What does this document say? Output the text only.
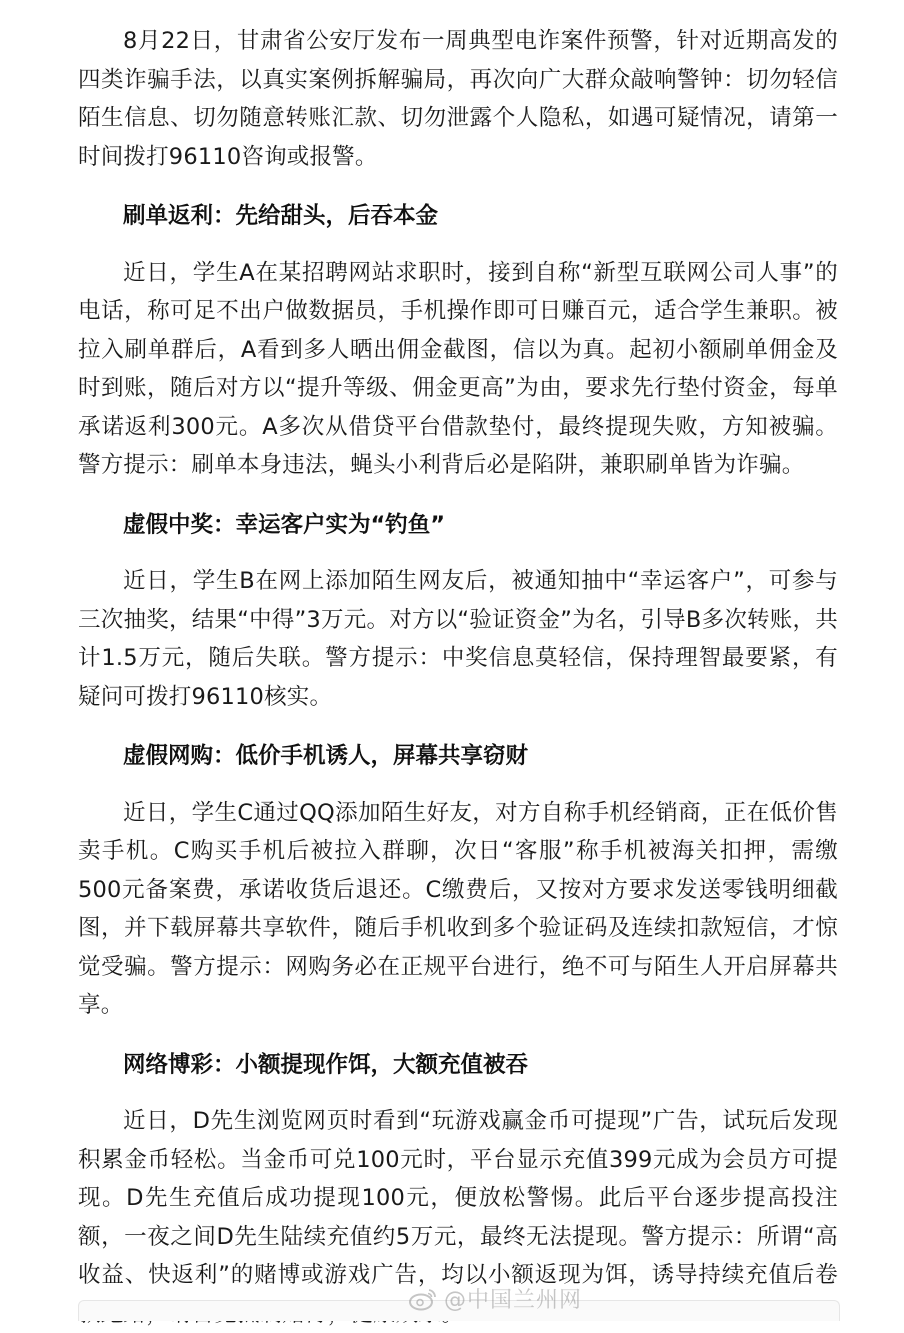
8月22日，甘肃省公安厅发布一周典型电诈案件预警，针对近期高发的四类诈骗手法，以真实案例拆解骗局，再次向广大群众敲响警钟：切勿轻信陌生信息、切勿随意转账汇款、切勿泄露个人隐私，如遇可疑情况，请第一时间拨打96110咨询或报警。

刷单返利：先给甜头，后吞本金

近日，学生A在某招聘网站求职时，接到自称“新型互联网公司人事”的电话，称可足不出户做数据员，手机操作即可日赚百元，适合学生兼职。被拉入刷单群后，A看到多人晒出佣金截图，信以为真。起初小额刷单佣金及时到账，随后对方以“提升等级、佣金更高”为由，要求先行垫付资金，每单承诺返利300元。A多次从借贷平台借款垫付，最终提现失败，方知被骗。警方提示：刷单本身违法，蝇头小利背后必是陷阱，兼职刷单皆为诈骗。

虚假中奖：幸运客户实为“钓鱼”

近日，学生B在网上添加陌生网友后，被通知抽中“幸运客户”，可参与三次抽奖，结果“中得”3万元。对方以“验证资金”为名，引导B多次转账，共计1.5万元，随后失联。警方提示：中奖信息莫轻信，保持理智最要紧，有疑问可拨打96110核实。

虚假网购：低价手机诱人，屏幕共享窃财

近日，学生C通过QQ添加陌生好友，对方自称手机经销商，正在低价售卖手机。C购买手机后被拉入群聊，次日“客服”称手机被海关扣押，需缴500元备案费，承诺收货后退还。C缴费后，又按对方要求发送零钱明细截图，并下载屏幕共享软件，随后手机收到多个验证码及连续扣款短信，才惊觉受骗。警方提示：网购务必在正规平台进行，绝不可与陌生人开启屏幕共享。

网络博彩：小额提现作饵，大额充值被吞

近日，D先生浏览网页时看到“玩游戏赢金币可提现”广告，试玩后发现积累金币轻松。当金币可兑100元时，平台显示充值399元成为会员方可提现。D先生充值后成功提现100元，便放松警惕。此后平台逐步提高投注额，一夜之间D先生陆续充值约5万元，最终无法提现。警方提示：所谓“高收益、快返利”的赌博或游戏广告，均以小额返现为饵，诱导持续充值后卷

@中国兰州网
